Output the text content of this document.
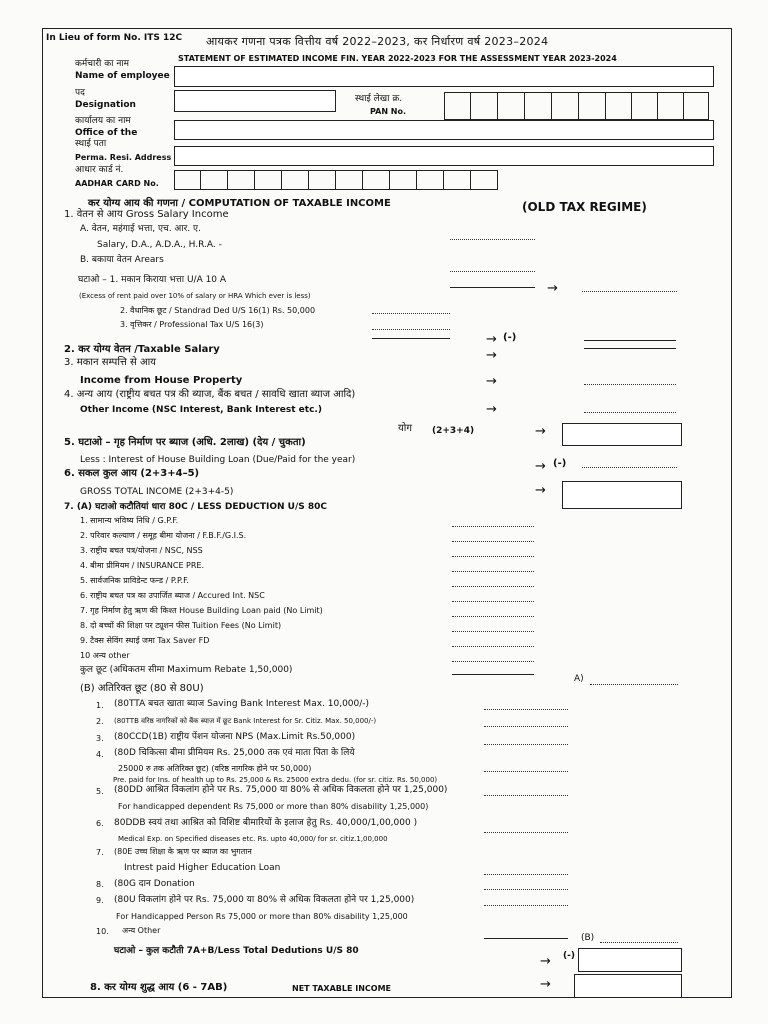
In Lieu of form No. ITS 12C आयकर गणना पत्रक वित्तीय वर्ष 2022–2023, कर निर्धारण वर्ष 2023–2024
STATEMENT OF ESTIMATED INCOME FIN. YEAR 2022-2023 FOR THE ASSESSMENT YEAR 2023-2024
कर्मचारी का नाम
Name of employee
पद
Designation
स्थाई लेखा क्र.
PAN No.
कार्यालय का नाम
Office of the
स्थाई पता
Perma. Resi. Address
आधार कार्ड नं.
AADHAR CARD No.
कर योग्य आय की गणना / COMPUTATION OF TAXABLE INCOME	(OLD TAX REGIME)
1. वेतन से आय Gross Salary Income
A. वेतन, महंगाई भत्ता, एच. आर. ए.
Salary, D.A., A.D.A., H.R.A. -
B. बकाया वेतन Arears
घटाओ – 1. मकान किराया भत्ता U/A 10 A
(Excess of rent paid over 10% of salary or HRA Which ever is less)	→
2. वैधानिक छूट / Standrad Ded U/S 16(1) Rs. 50,000
3. वृत्तिकर / Professional Tax U/S 16(3)
→ (-)
2. कर योग्य वेतन /Taxable Salary	→
3. मकान सम्पत्ति से आय
Income from House Property	→
4. अन्य आय (राष्ट्रीय बचत पत्र की ब्याज, बैंक बचत / सावधि खाता ब्याज आदि)
Other Income (NSC Interest, Bank Interest etc.)	→
योग (2+3+4)	→
5. घटाओ – गृह निर्माण पर ब्याज (अधि. 2लाख) (देय / चुकता)
Less : Interest of House Building Loan (Due/Paid for the year)	→ (-)
6. सकल कुल आय (2+3+4–5)
GROSS TOTAL INCOME (2+3+4-5)	→
7. (A) घटाओ कटौतियां धारा 80C / LESS DEDUCTION U/S 80C
1. सामान्य भविष्य निधि / G.P.F.
2. परिवार कल्याण / समूह बीमा योजना / F.B.F./G.I.S.
3. राष्ट्रीय बचत पत्र/योजना / NSC, NSS
4. बीमा प्रीमियम / INSURANCE PRE.
5. सार्वजनिक प्राविडेन्ट फन्ड / P.P.F.
6. राष्ट्रीय बचत पत्र का उपार्जित ब्याज / Accured Int. NSC
7. गृह निर्माण हेतु ऋण की किश्त House Building Loan paid (No Limit)
8. दो बच्चों की शिक्षा पर ट्यूशन फीस Tuition Fees (No Limit)
9. टैक्स सेविंग स्थाई जमा Tax Saver FD
10 अन्य other
कुल छूट (अधिकतम सीमा Maximum Rebate 1,50,000)
A)
(B) अतिरिक्त छूट (80 से 80U)
1. (80TTA बचत खाता ब्याज Saving Bank Interest Max. 10,000/-)
2. (80TTB वरिष्ठ नागरिकों को बैंक ब्याज में छूट Bank Interest for Sr. Citiz. Max. 50,000/-)
3. (80CCD(1B) राष्ट्रीय पेंशन योजना NPS (Max.Limit Rs.50,000)
4. (80D चिकित्सा बीमा प्रीमियम Rs. 25,000 तक एवं माता पिता के लिये
25000 रु तक अतिरिक्त छूट) (वरिष्ठ नागरिक होने पर 50,000)
Pre. paid for Ins. of health up to Rs. 25,000 & Rs. 25000 extra dedu. (for sr. citiz. Rs. 50,000)
5. (80DD आश्रित विकलांग होने पर Rs. 75,000 या 80% से अधिक विकलता होने पर 1,25,000)
For handicapped dependent Rs 75,000 or more than 80% disability 1,25,000)
6. 80DDB स्वयं तथा आश्रित को विशिष्ट बीमारियों के इलाज हेतु Rs. 40,000/1,00,000 )
Medical Exp. on Specified diseases etc. Rs. upto 40,000/ for sr. citiz.1,00,000
7. (80E उच्च शिक्षा के ऋण पर ब्याज का भुगतान
Intrest paid Higher Education Loan
8. (80G दान Donation
9. (80U विकलांग होने पर Rs. 75,000 या 80% से अधिक विकलता होने पर 1,25,000)
For Handicapped Person Rs 75,000 or more than 80% disability 1,25,000
10. अन्य Other
(B)
घटाओ – कुल कटौती 7A+B/Less Total Dedutions U/S 80
→ (-)
8. कर योग्य शुद्ध आय (6 - 7AB)	NET TAXABLE INCOME	→
